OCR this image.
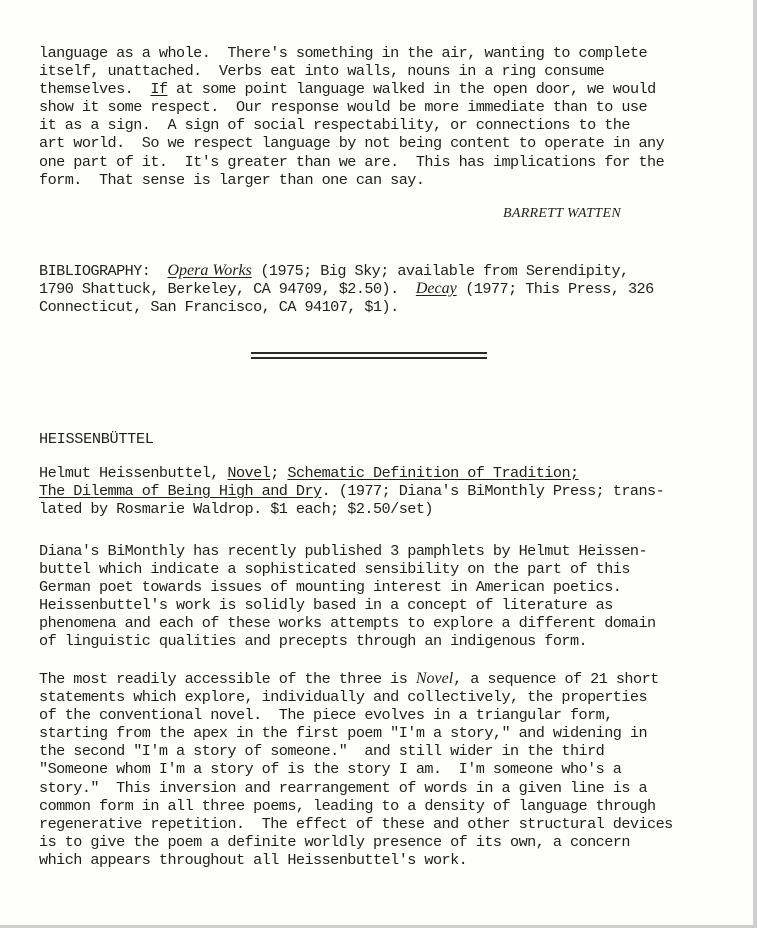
language as a whole.  There's something in the air, wanting to complete
itself, unattached.  Verbs eat into walls, nouns in a ring consume
themselves.  If at some point language walked in the open door, we would
show it some respect.  Our response would be more immediate than to use
it as a sign.  A sign of social respectability, or connections to the
art world.  So we respect language by not being content to operate in any
one part of it.  It's greater than we are.  This has implications for the
form.  That sense is larger than one can say.
BARRETT WATTEN
BIBLIOGRAPHY:  Opera Works (1975; Big Sky; available from Serendipity,
1790 Shattuck, Berkeley, CA 94709, $2.50).  Decay (1977; This Press, 326
Connecticut, San Francisco, CA 94107, $1).
HEISSENBÜTTEL
Helmut Heissenbuttel, Novel; Schematic Definition of Tradition;
The Dilemma of Being High and Dry. (1977; Diana's BiMonthly Press; trans-
lated by Rosmarie Waldrop. $1 each; $2.50/set)
Diana's BiMonthly has recently published 3 pamphlets by Helmut Heissen-
buttel which indicate a sophisticated sensibility on the part of this
German poet towards issues of mounting interest in American poetics.
Heissenbuttel's work is solidly based in a concept of literature as
phenomena and each of these works attempts to explore a different domain
of linguistic qualities and precepts through an indigenous form.
The most readily accessible of the three is Novel, a sequence of 21 short
statements which explore, individually and collectively, the properties
of the conventional novel.  The piece evolves in a triangular form,
starting from the apex in the first poem "I'm a story," and widening in
the second "I'm a story of someone."  and still wider in the third
"Someone whom I'm a story of is the story I am.  I'm someone who's a
story."  This inversion and rearrangement of words in a given line is a
common form in all three poems, leading to a density of language through
regenerative repetition.  The effect of these and other structural devices
is to give the poem a definite worldly presence of its own, a concern
which appears throughout all Heissenbuttel's work.
